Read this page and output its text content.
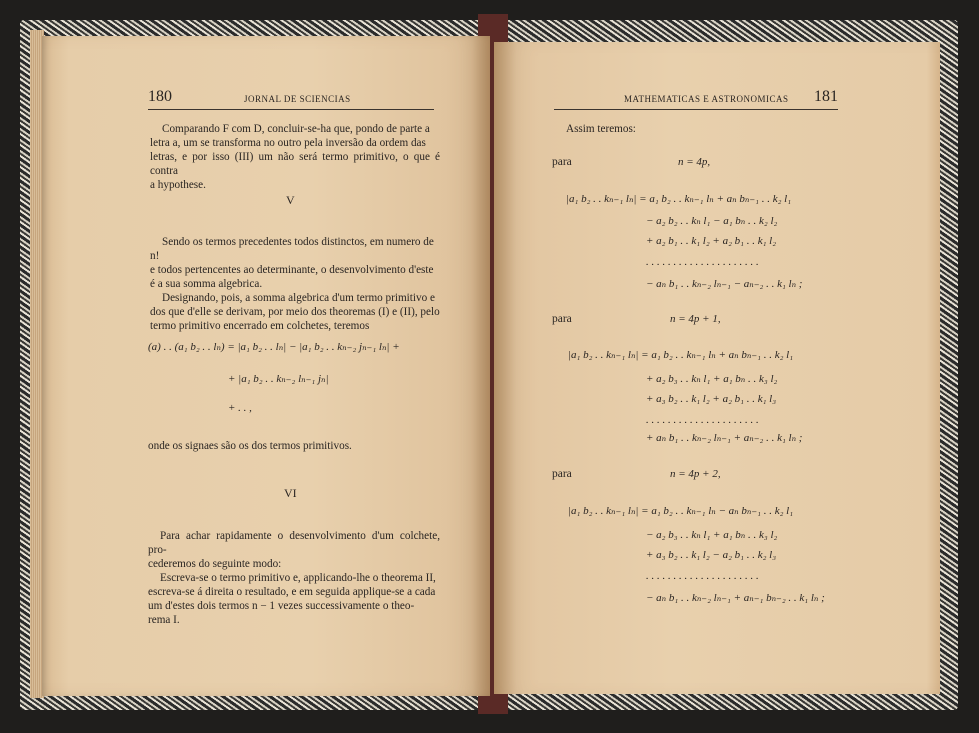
180	JORNAL DE SCIENCIAS

Comparando F com D, concluir-se-ha que, pondo de parte a

letra a, um se transforma no outro pela inversão da ordem das

letras, e por isso (III) um não será termo primitivo, o que é contra

a hypothese.

V

Sendo os termos precedentes todos distinctos, em numero de n!

e todos pertencentes ao determinante, o desenvolvimento d'este

é a sua somma algebrica.

Designando, pois, a somma algebrica d'um termo primitivo e

dos que d'elle se derivam, por meio dos theoremas (I) e (II), pelo

termo primitivo encerrado em colchetes, teremos

(a) . . (a₁ b₂ . . lₙ) = |a₁ b₂ . . lₙ| − |a₁ b₂ . . kₙ₋₂ jₙ₋₁ lₙ| +
+ |a₁ b₂ . . kₙ₋₂ lₙ₋₁ jₙ|
+ . . ,
onde os signaes são os dos termos primitivos.
VI

Para achar rapidamente o desenvolvimento d'um colchete, pro-

cederemos do seguinte modo:

Escreva-se o termo primitivo e, applicando-lhe o theorema II,

escreva-se á direita o resultado, e em seguida applique-se a cada

um d'estes dois termos n − 1 vezes successivamente o theo-

rema I.

MATHEMATICAS E ASTRONOMICAS 181
Assim teremos:
para	n = 4p,
|a₁ b₂ . . kₙ₋₁ lₙ| = a₁ b₂ . . kₙ₋₁ lₙ + aₙ bₙ₋₁ . . k₂ l₁
− a₂ b₂ . . kₙ l₁ − a₁ bₙ . . k₂ l₂
+ a₂ b₁ . . k₁ l₂ + a₂ b₁ . . k₁ l₂
. . . . . . . . . . . . . . . . . . . . .
− aₙ b₁ . . kₙ₋₂ lₙ₋₁ − aₙ₋₂ . . k₁ lₙ ;
para	n = 4p + 1,
|a₁ b₂ . . kₙ₋₁ lₙ| = a₁ b₂ . . kₙ₋₁ lₙ + aₙ bₙ₋₁ . . k₂ l₁
+ a₂ b₃ . . kₙ l₁ + a₁ bₙ . . k₃ l₂
+ a₃ b₂ . . k₁ l₂ + a₂ b₁ . . k₁ l₃
. . . . . . . . . . . . . . . . . . . . .
+ aₙ b₁ . . kₙ₋₂ lₙ₋₁ + aₙ₋₂ . . k₁ lₙ ;
para	n = 4p + 2,
|a₁ b₂ . . kₙ₋₁ lₙ| = a₁ b₂ . . kₙ₋₁ lₙ − aₙ bₙ₋₁ . . k₂ l₁
− a₂ b₃ . . kₙ l₁ + a₁ bₙ . . k₃ l₂
+ a₃ b₂ . . k₁ l₂ − a₂ b₁ . . k₂ l₃
. . . . . . . . . . . . . . . . . . . . .
− aₙ b₁ . . kₙ₋₂ lₙ₋₁ + aₙ₋₁ bₙ₋₂ . . k₁ lₙ ;
